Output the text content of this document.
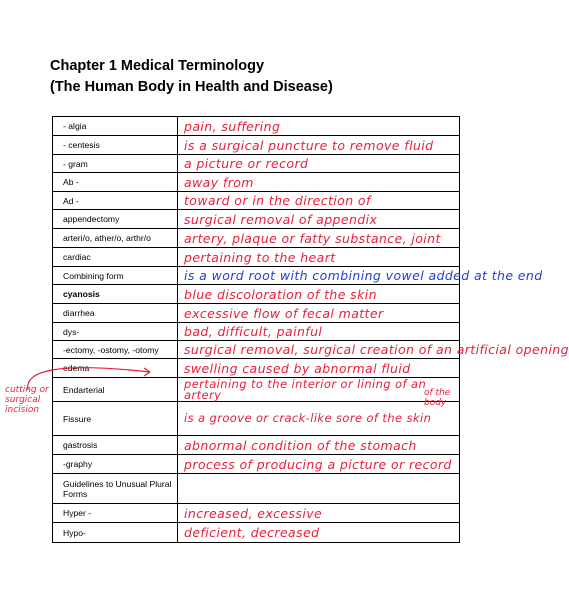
Chapter 1 Medical Terminology
(The Human Body in Health and Disease)
- algia	pain, suffering

- centesis	is a surgical puncture to remove fluid

- gram	a picture or record

Ab -	away from

Ad -	toward or in the direction of

appendectomy	surgical removal of appendix

arteri/o, ather/o, arthr/o	artery, plaque or fatty substance, joint

cardiac	pertaining to the heart

Combining form	is a word root with combining vowel added at the end

cyanosis	blue discoloration of the skin

diarrhea	excessive flow of fecal matter

dys-	bad, difficult, painful

-ectomy, -ostomy, -otomy	surgical removal, surgical creation of an artificial opening

edema	swelling caused by abnormal fluid

Endarterial	pertaining to the interior or lining of an artery

Fissure	is a groove or crack-like sore of the skin

gastrosis	abnormal condition of the stomach

-graphy	process of producing a picture or record

Guidelines to Unusual Plural Forms	

Hyper -	increased, excessive

Hypo-	deficient, decreased
cutting or surgical incision
of the body
